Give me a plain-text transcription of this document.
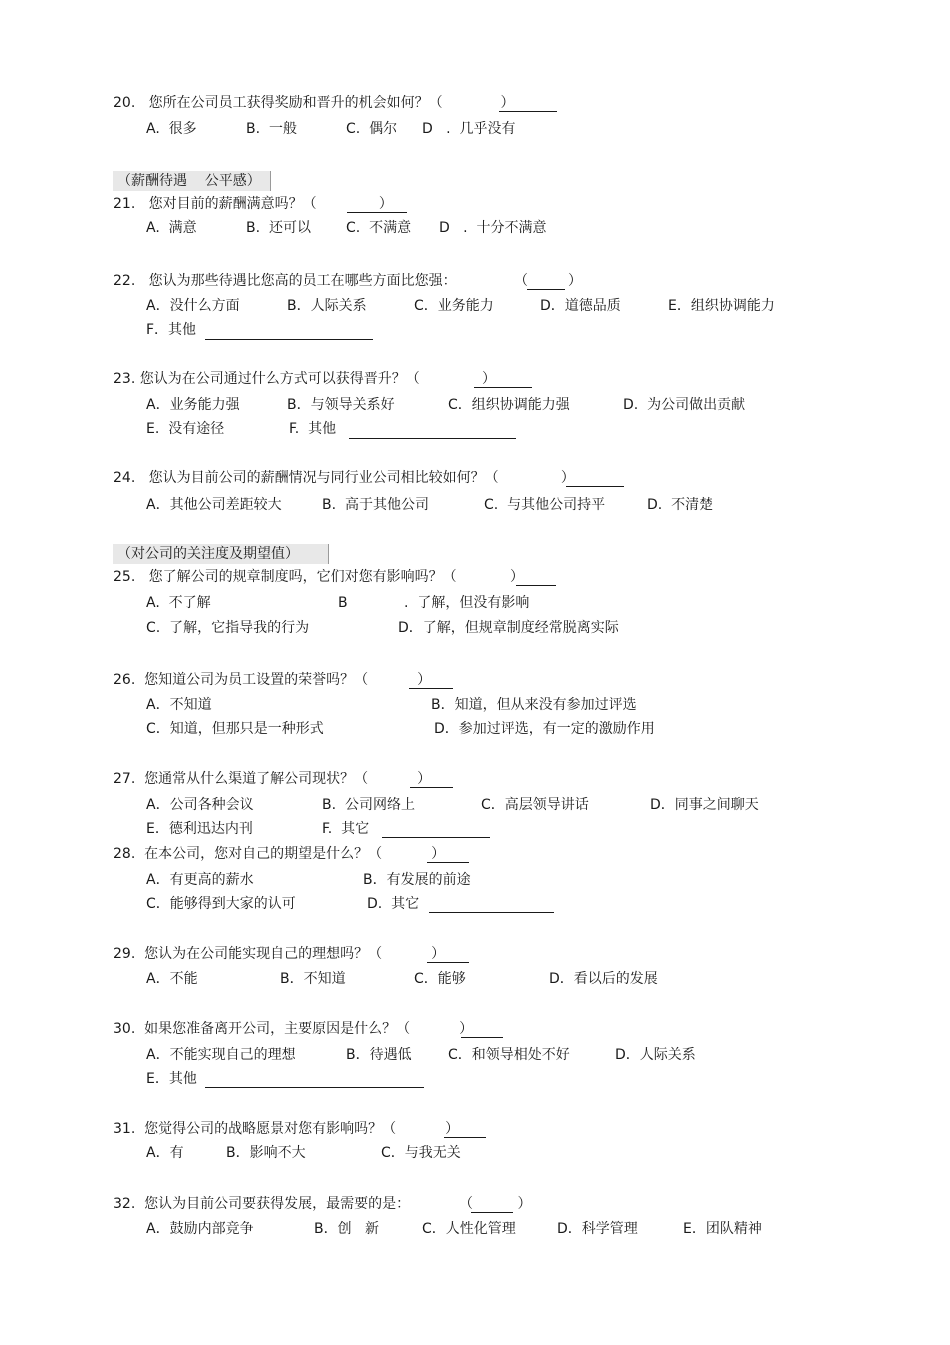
20.   您所在公司员工获得奖励和晋升的机会如何？（             ）
A.  很多	B.  一般	C.  偶尔 D   .  几乎没有
（薪酬待遇    公平感）
21.   您对目前的薪酬满意吗？（              ）
A.  满意	B.  还可以	C.  不满意 D   .  十分不满意
22.   您认为那些待遇比您高的员工在哪些方面比您强：	（         ）
A．没什么方面	B．人际关系	C．业务能力	D．道德品质	E．组织协调能力
F．其他
23. 您认为在公司通过什么方式可以获得晋升？（              ）
A．业务能力强	B．与领导关系好	C．组织协调能力强	D.  为公司做出贡献
E.  没有途径	F.  其他
24.   您认为目前公司的薪酬情况与同行业公司相比较如何？（              ）
A．其他公司差距较大	B.  高于其他公司	C.  与其他公司持平	D.  不清楚
（对公司的关注度及期望值）
25.   您了解公司的规章制度吗，它们对您有影响吗？（            ）
A.  不了解	B	.  了解，但没有影响
C.  了解，它指导我的行为	D．了解，但规章制度经常脱离实际
26.  您知道公司为员工设置的荣誉吗？（           ）
A．不知道	B．知道，但从来没有参加过评选
C．知道，但那只是一种形式	D．参加过评选，有一定的激励作用
27.  您通常从什么渠道了解公司现状？（           ）
A．公司各种会议	B.  公司网络上	C．高层领导讲话	D．同事之间聊天
E．德利迅达内刊	F.  其它
28.  在本公司，您对自己的期望是什么？（           ）
A．有更高的薪水	B．有发展的前途
C．能够得到大家的认可	D.  其它
29.  您认为在公司能实现自己的理想吗？（           ）
A．不能	B．不知道	C．能够	D．看以后的发展
30.  如果您准备离开公司，主要原因是什么？（           ）
A．不能实现自己的理想	B．待遇低	C．和领导相处不好	D．人际关系
E．其他
31.  您觉得公司的战略愿景对您有影响吗？（           ）
A．有	B．影响不大	C．与我无关
32.  您认为目前公司要获得发展，最需要的是：	（          ）
A．鼓励内部竞争	B．创   新	C．人性化管理	D．科学管理	E．团队精神
